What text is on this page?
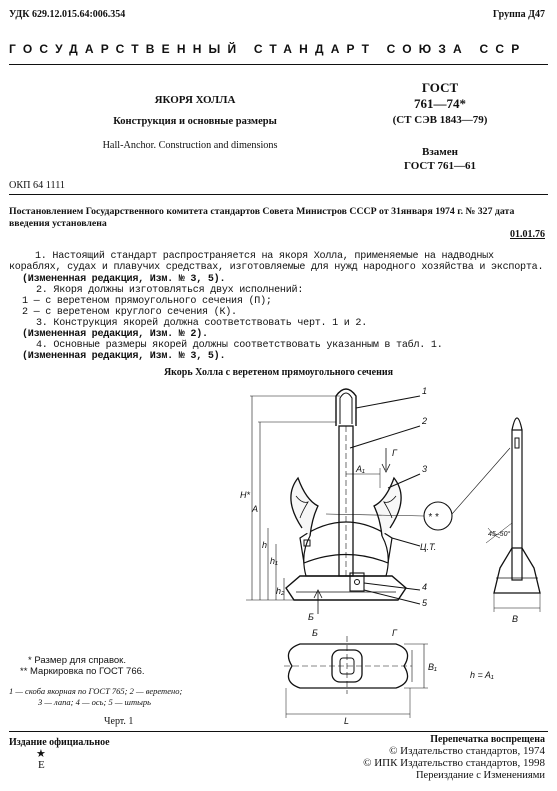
УДК 629.12.015.64:006.354	Группа Д47
ГОСУДАРСТВЕННЫЙ СТАНДАРТ СОЮЗА ССР
ЯКОРЯ ХОЛЛА
Конструкция и основные размеры
Hall-Anchor. Construction and dimensions
ГОСТ
761—74*
(СТ СЭВ 1843—79)
Взамен
ГОСТ 761—61
ОКП 64 1111
Постановлением Государственного комитета стандартов Совета Министров СССР от 31января 1974 г. № 327 дата введения установлена
01.01.76
1. Настоящий стандарт распространяется на якоря Холла, применяемые на надводных кораблях, судах и плавучих средствах, изготовляемые для нужд народного хозяйства и экспорта.
(Измененная редакция, Изм. № 3, 5).
2. Якоря должны изготовляться двух исполнений:
1 — с веретеном прямоугольного сечения (П);
2 — с веретеном круглого сечения (К).
3. Конструкция якорей должна соответствовать черт. 1 и 2.
(Измененная редакция, Изм. № 2).
4. Основные размеры якорей должны соответствовать указанным в табл. 1.
(Измененная редакция, Изм. № 3, 5).
Якорь Холла с веретеном прямоугольного сечения
1
2
3
4
5
H*
A
A₁
h
h₁
h₂
Ц.Т.
45–50°
Г
Б	B
Б	Г
* *
L
B₁
h = A₁
* Размер для справок.
** Маркировка по ГОСТ 766.
1 — скоба якорная по ГОСТ 765; 2 — веретено;
3 — лапа; 4 — ось; 5 — штырь
Черт. 1
Издание официальное
★
E
Перепечатка воспрещена
© Издательство стандартов, 1974
© ИПК Издательство стандартов, 1998
Переиздание с Изменениями
